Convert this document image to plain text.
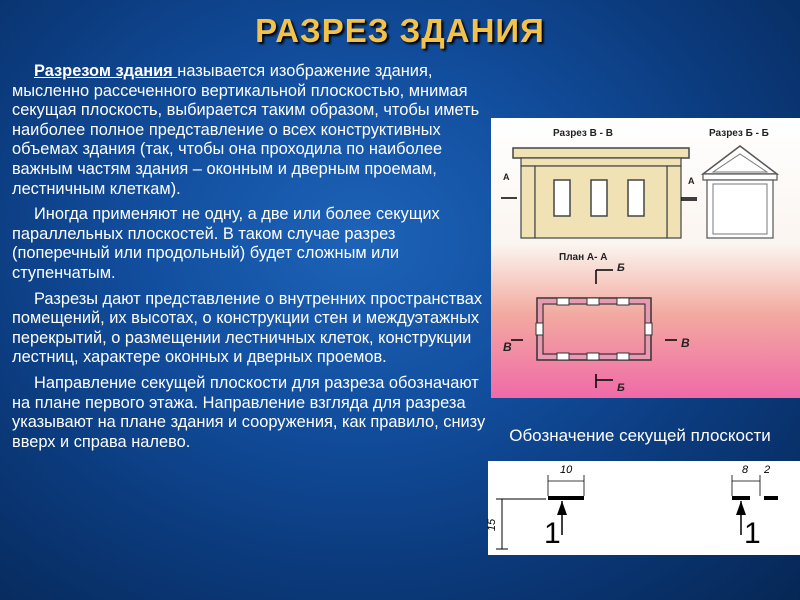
РАЗРЕЗ ЗДАНИЯ

Разрезом здания называется изображение здания, мысленно рассеченного вертикальной плоскостью, мнимая секущая плоскость, выбирается таким образом, чтобы иметь наиболее полное представление о всех конструктивных объемах здания (так, чтобы она проходила по наиболее важным частям здания – оконным и дверным проемам, лестничным клеткам).

Иногда применяют не одну, а две или более секущих параллельных плоскостей. В таком случае разрез (поперечный или продольный) будет сложным или ступенчатым.

Разрезы дают представление о внутренних пространствах помещений, их высотах, о конструкции стен и междуэтажных перекрытий, о размещении лестничных клеток, конструкции лестниц, характере оконных и дверных проемов.

Направление секущей плоскости для разреза обозначают на плане первого этажа. Направление взгляда для разреза указывают на плане здания и сооружения, как правило, снизу вверх и справа налево.

Разрез В - В	Разрез Б - Б
План А- А
А	А
Б
Б
В	В
Обозначение секущей плоскости
10	8 2
15 1	1
